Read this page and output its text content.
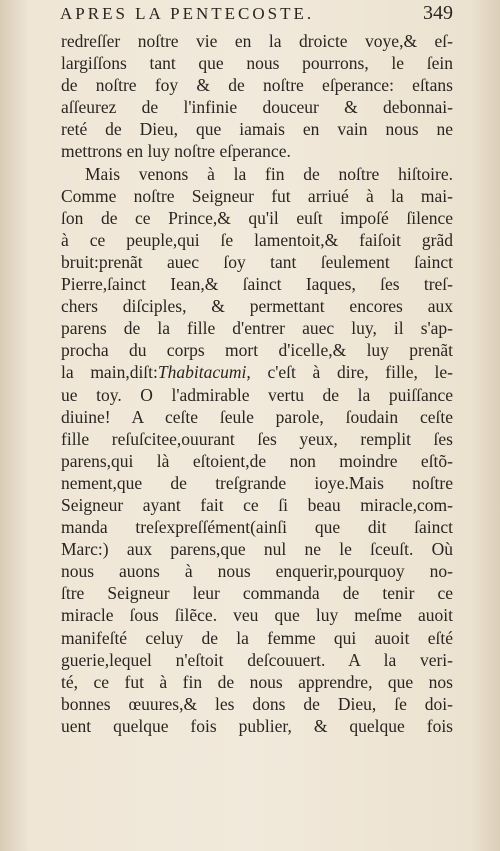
APRES LA PENTECOSTE.	349
redreſſer noſtre vie en la droicte voye,& eſ-
largiſſons tant que nous pourrons, le ſein
de noſtre foy & de noſtre eſperance: eſtans
aſſeurez de l'infinie douceur & debonnai-
reté de Dieu, que iamais en vain nous ne
mettrons en luy noſtre eſperance.
Mais venons à la fin de noſtre hiſtoire.
Comme noſtre Seigneur fut arriué à la mai-
ſon de ce Prince,& qu'il euſt impoſé ſilence
à ce peuple,qui ſe lamentoit,& faiſoit grãd
bruit:prenãt auec ſoy tant ſeulement ſainct
Pierre,ſainct Iean,& ſainct Iaques, ſes treſ-
chers diſciples, & permettant encores aux
parens de la fille d'entrer auec luy, il s'ap-
procha du corps mort d'icelle,& luy prenãt
la main,diſt:Thabitacumi, c'eſt à dire, fille, le-
ue toy. O l'admirable vertu de la puiſſance
diuine! A ceſte ſeule parole, ſoudain ceſte
fille reſuſcitee,ouurant ſes yeux, remplit ſes
parens,qui là eſtoient,de non moindre eſtõ-
nement,que de treſgrande ioye.Mais noſtre
Seigneur ayant fait ce ſi beau miracle,com-
manda treſexpreſſément(ainſi que dit ſainct
Marc:) aux parens,que nul ne le ſceuſt. Où
nous auons à nous enquerir,pourquoy no-
ſtre Seigneur leur commanda de tenir ce
miracle ſous ſilẽce. veu que luy meſme auoit
manifeſté celuy de la femme qui auoit eſté
guerie,lequel n'eſtoit deſcouuert. A la veri-
té, ce fut à fin de nous apprendre, que nos
bonnes œuures,& les dons de Dieu, ſe doi-
uent quelque fois publier, & quelque fois
